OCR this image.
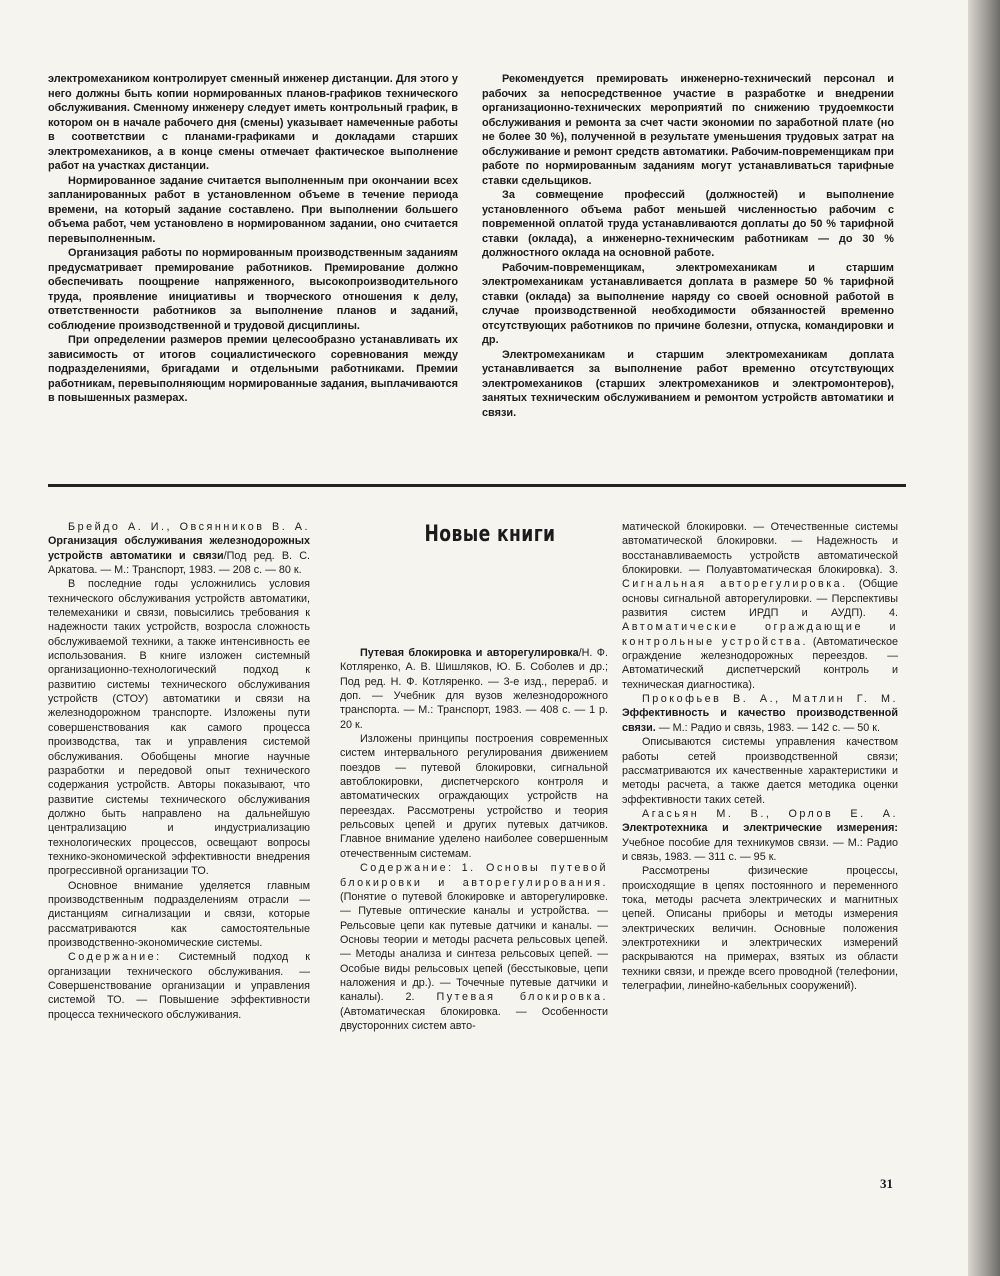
электромехаником контролирует сменный инженер дистанции. Для этого у него должны быть копии нормированных планов-графиков технического обслуживания. Сменному инженеру следует иметь контрольный график, в котором он в начале рабочего дня (смены) указывает намеченные работы в соответствии с планами-графиками и докладами старших электромехаников, а в конце смены отмечает фактическое выполнение работ на участках дистанции.

Нормированное задание считается выполненным при окончании всех запланированных работ в установленном объеме в течение периода времени, на который задание составлено. При выполнении большего объема работ, чем установлено в нормированном задании, оно считается перевыполненным.

Организация работы по нормированным производственным заданиям предусматривает премирование работников. Премирование должно обеспечивать поощрение напряженного, высокопроизводительного труда, проявление инициативы и творческого отношения к делу, ответственности работников за выполнение планов и заданий, соблюдение производственной и трудовой дисциплины.

При определении размеров премии целесообразно устанавливать их зависимость от итогов социалистического соревнования между подразделениями, бригадами и отдельными работниками. Премии работникам, перевыполняющим нормированные задания, выплачиваются в повышенных размерах.

Рекомендуется премировать инженерно-технический персонал и рабочих за непосредственное участие в разработке и внедрении организационно-технических мероприятий по снижению трудоемкости обслуживания и ремонта за счет части экономии по заработной плате (но не более 30 %), полученной в результате уменьшения трудовых затрат на обслуживание и ремонт средств автоматики. Рабочим-повременщикам при работе по нормированным заданиям могут устанавливаться тарифные ставки сдельщиков.

За совмещение профессий (должностей) и выполнение установленного объема работ меньшей численностью рабочим с повременной оплатой труда устанавливаются доплаты до 50 % тарифной ставки (оклада), а инженерно-техническим работникам — до 30 % должностного оклада на основной работе.

Рабочим-повременщикам, электромеханикам и старшим электромеханикам устанавливается доплата в размере 50 % тарифной ставки (оклада) за выполнение наряду со своей основной работой в случае производственной необходимости обязанностей временно отсутствующих работников по причине болезни, отпуска, командировки и др.

Электромеханикам и старшим электромеханикам доплата устанавливается за выполнение работ временно отсутствующих электромехаников (старших электромехаников и электромонтеров), занятых техническим обслуживанием и ремонтом устройств автоматики и связи.

Новые книги

Брейдо А. И., Овсянников В. А. Организация обслуживания железнодорожных устройств автоматики и связи/Под ред. В. С. Аркатова. — М.: Транспорт, 1983. — 208 с. — 80 к.

В последние годы усложнились условия технического обслуживания устройств автоматики, телемеханики и связи, повысились требования к надежности таких устройств, возросла сложность обслуживаемой техники, а также интенсивность ее использования. В книге изложен системный организационно-технологический подход к развитию системы технического обслуживания устройств (СТОУ) автоматики и связи на железнодорожном транспорте. Изложены пути совершенствования как самого процесса производства, так и управления системой обслуживания. Обобщены многие научные разработки и передовой опыт технического содержания устройств. Авторы показывают, что развитие системы технического обслуживания должно быть направлено на дальнейшую централизацию и индустриализацию технологических процессов, освещают вопросы технико-экономической эффективности внедрения прогрессивной организации ТО.

Основное внимание уделяется главным производственным подразделениям отрасли — дистанциям сигнализации и связи, которые рассматриваются как самостоятельные производственно-экономические системы.

Содержание: Системный подход к организации технического обслуживания. — Совершенствование организации и управления системой ТО. — Повышение эффективности процесса технического обслуживания.

Путевая блокировка и авторегулировка/Н. Ф. Котляренко, А. В. Шишляков, Ю. Б. Соболев и др.; Под ред. Н. Ф. Котляренко. — 3-е изд., перераб. и доп. — Учебник для вузов железнодорожного транспорта. — М.: Транспорт, 1983. — 408 с. — 1 р. 20 к.

Изложены принципы построения современных систем интервального регулирования движением поездов — путевой блокировки, сигнальной автоблокировки, диспетчерского контроля и автоматических ограждающих устройств на переездах. Рассмотрены устройство и теория рельсовых цепей и других путевых датчиков. Главное внимание уделено наиболее совершенным отечественным системам.

Содержание: 1. Основы путевой блокировки и авторегулирования. (Понятие о путевой блокировке и авторегулировке. — Путевые оптические каналы и устройства. — Рельсовые цепи как путевые датчики и каналы. — Основы теории и методы расчета рельсовых цепей. — Методы анализа и синтеза рельсовых цепей. — Особые виды рельсовых цепей (бесстыковые, цепи наложения и др.). — Точечные путевые датчики и каналы). 2. Путевая блокировка. (Автоматическая блокировка. — Особенности двусторонних систем авто-

матической блокировки. — Отечественные системы автоматической блокировки. — Надежность и восстанавливаемость устройств автоматической блокировки. — Полуавтоматическая блокировка). 3. Сигнальная авторегулировка. (Общие основы сигнальной авторегулировки. — Перспективы развития систем ИРДП и АУДП). 4. Автоматические ограждающие и контрольные устройства. (Автоматическое ограждение железнодорожных переездов. — Автоматический диспетчерский контроль и техническая диагностика).

Прокофьев В. А., Матлин Г. М. Эффективность и качество производственной связи. — М.: Радио и связь, 1983. — 142 с. — 50 к.

Описываются системы управления качеством работы сетей производственной связи; рассматриваются их качественные характеристики и методы расчета, а также дается методика оценки эффективности таких сетей.

Агасьян М. В., Орлов Е. А. Электротехника и электрические измерения: Учебное пособие для техникумов связи. — М.: Радио и связь, 1983. — 311 с. — 95 к.

Рассмотрены физические процессы, происходящие в цепях постоянного и переменного тока, методы расчета электрических и магнитных цепей. Описаны приборы и методы измерения электрических величин. Основные положения электротехники и электрических измерений раскрываются на примерах, взятых из области техники связи, и прежде всего проводной (телефонии, телеграфии, линейно-кабельных сооружений).

31
